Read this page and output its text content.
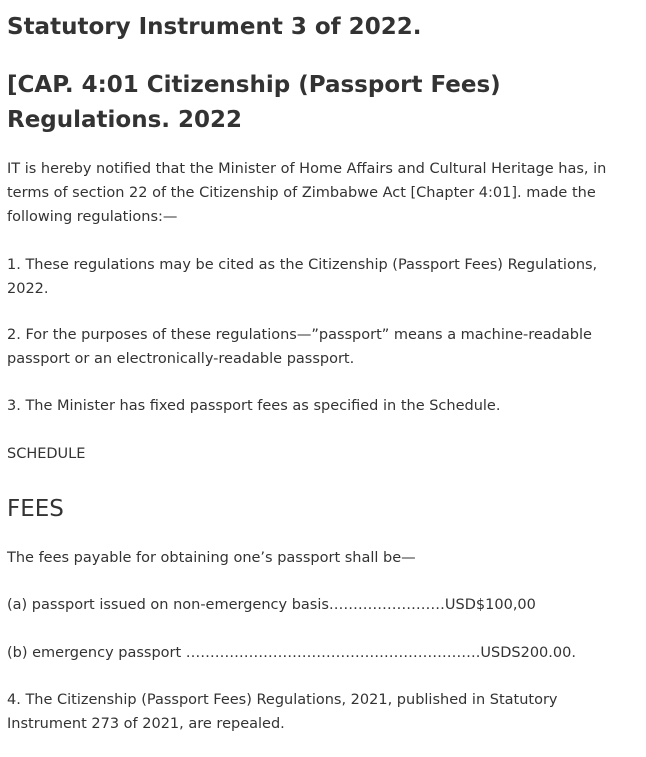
Statutory Instrument 3 of 2022.
[CAP. 4:01 Citizenship (Passport Fees) Regulations. 2022

IT is hereby notified that the Minister of Home Affairs and Cultural Heritage has, in terms of section 22 of the Citizenship of Zimbabwe Act [Chapter 4:01]. made the following regulations:—

1. These regulations may be cited as the Citizenship (Passport Fees) Regulations, 2022.

2. For the purposes of these regulations—”passport” means a machine-readable passport or an electronically-readable passport.

3. The Minister has fixed passport fees as specified in the Schedule.

SCHEDULE

FEES

The fees payable for obtaining one’s passport shall be—

(a) passport issued on non-emergency basis……………………USD$100,00

(b) emergency passport …………………………………………………….USDS200.00.

4. The Citizenship (Passport Fees) Regulations, 2021, published in Statutory Instrument 273 of 2021, are repealed.
